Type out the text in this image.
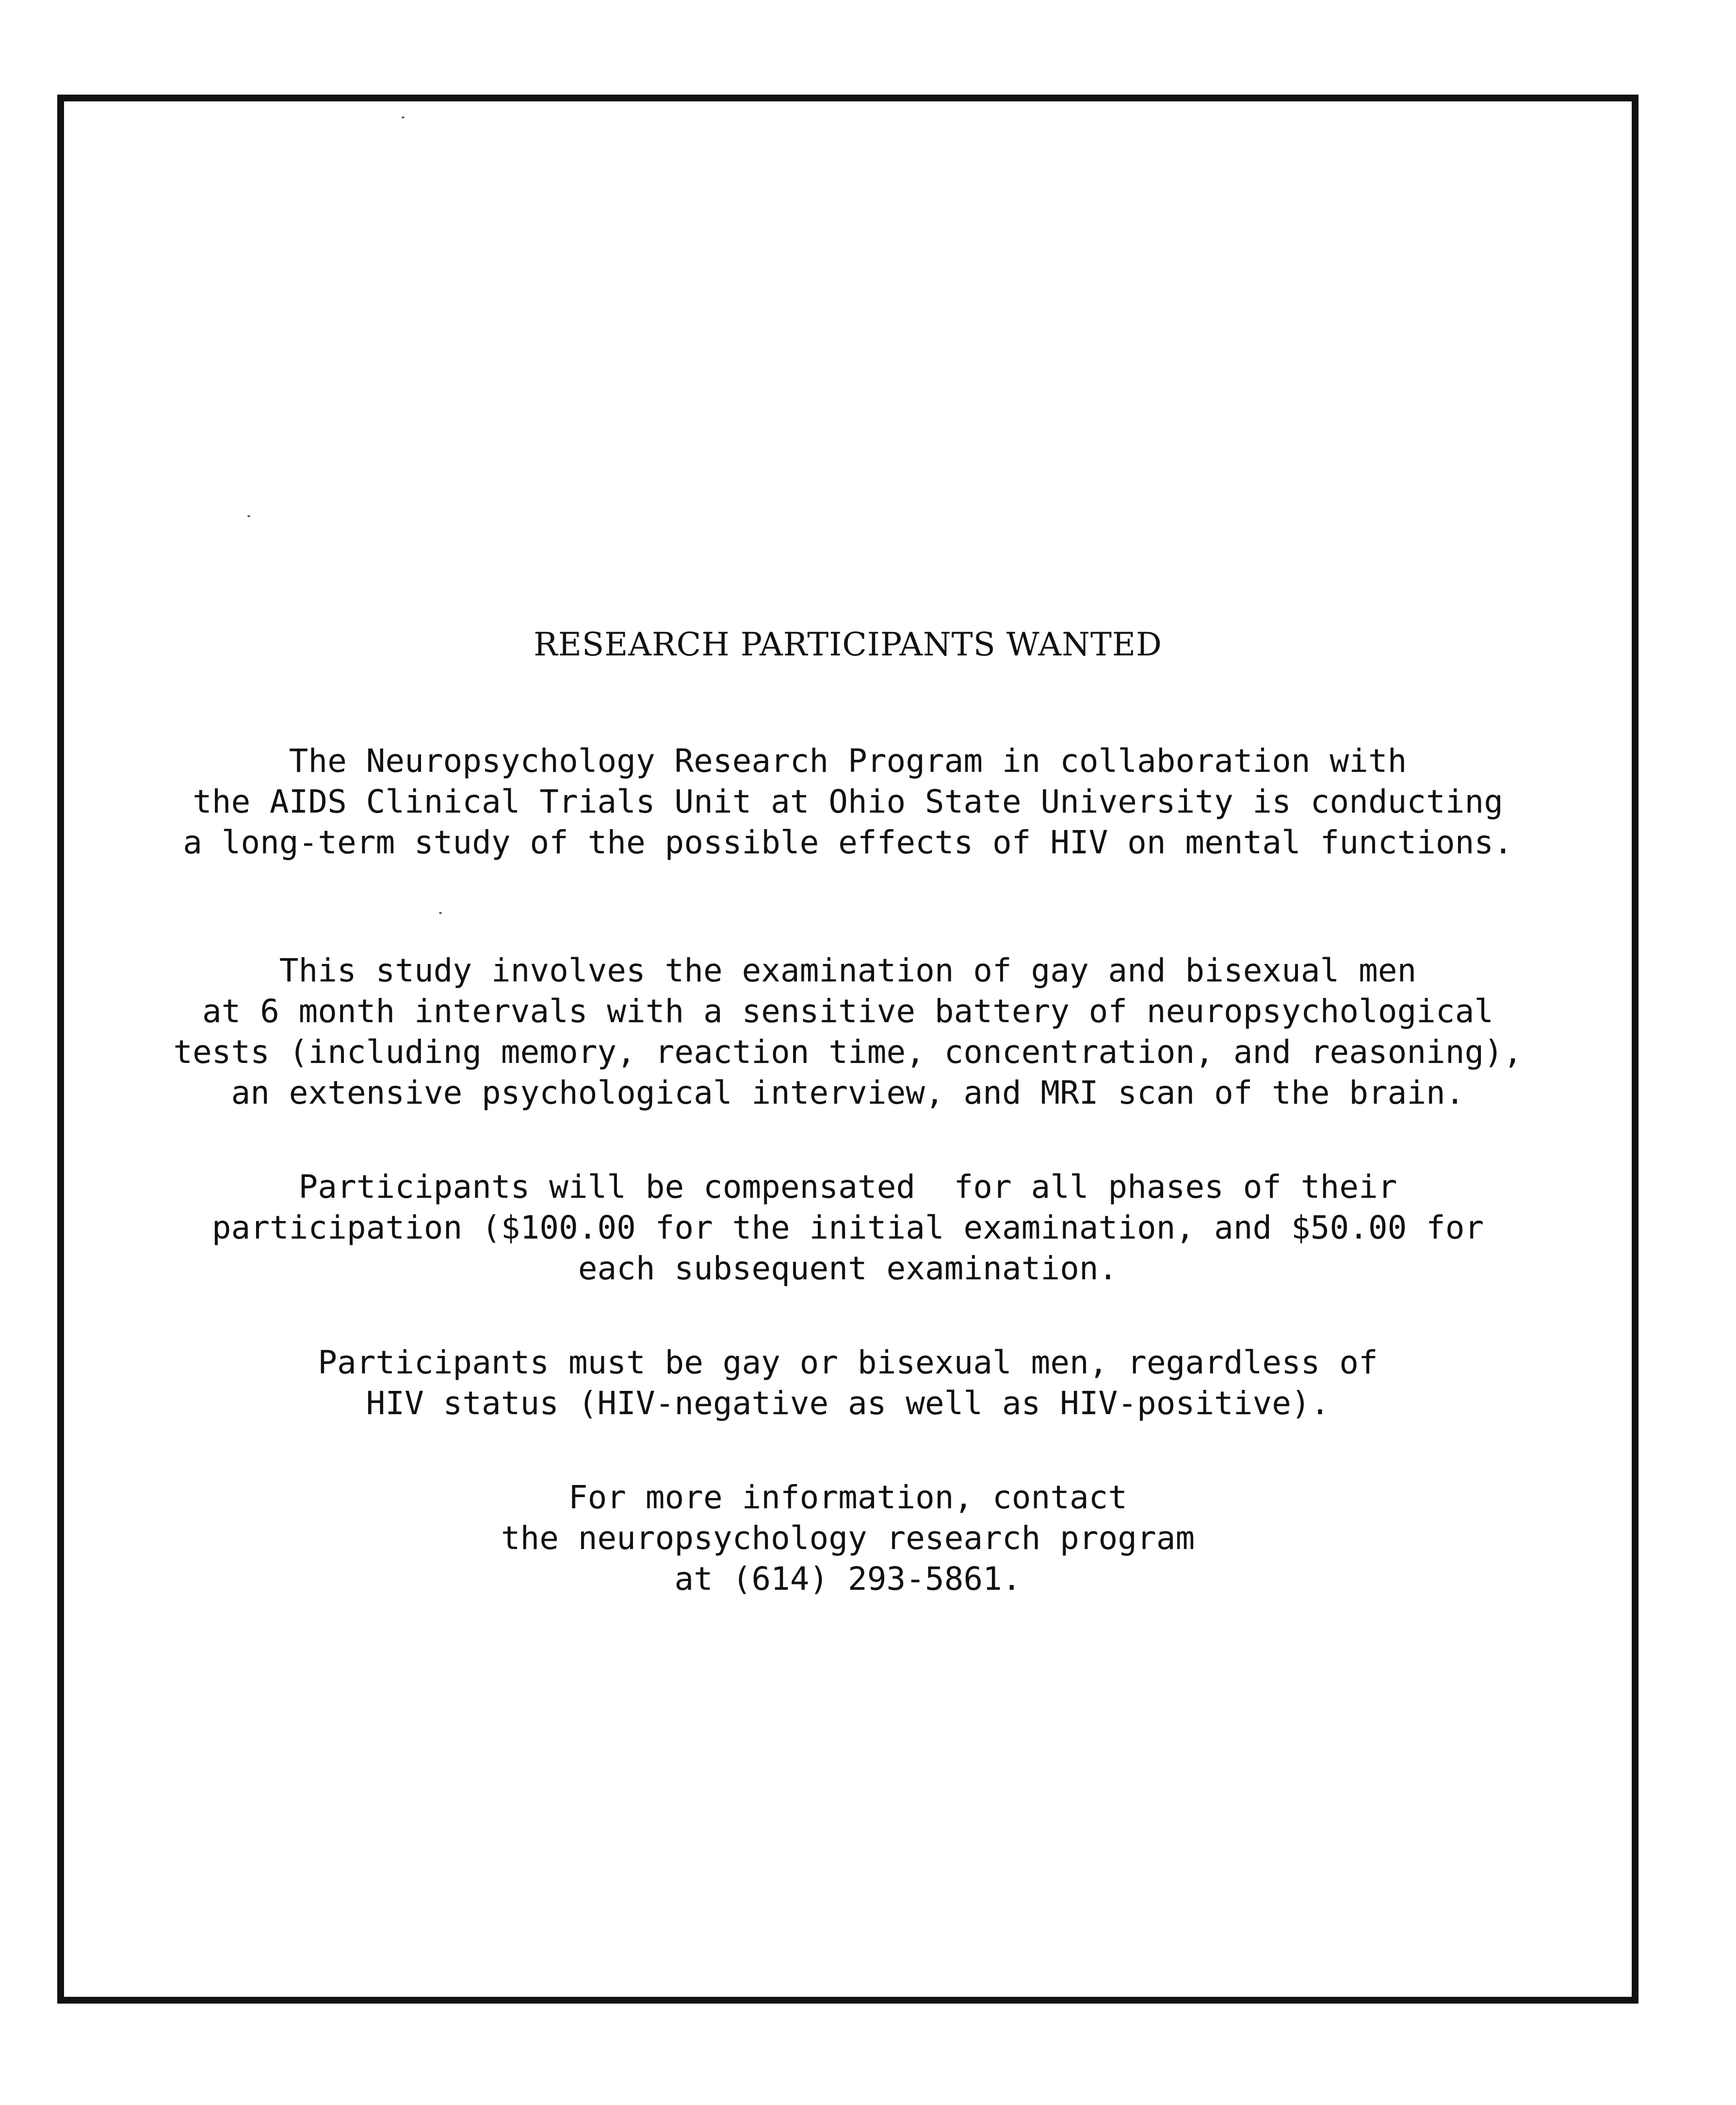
RESEARCH PARTICIPANTS WANTED
The Neuropsychology Research Program in collaboration with
the AIDS Clinical Trials Unit at Ohio State University is conducting
a long-term study of the possible effects of HIV on mental functions.
This study involves the examination of gay and bisexual men
at 6 month intervals with a sensitive battery of neuropsychological
tests (including memory, reaction time, concentration, and reasoning),
an extensive psychological interview, and MRI scan of the brain.
Participants will be compensated  for all phases of their
participation ($100.00 for the initial examination, and $50.00 for
each subsequent examination.
Participants must be gay or bisexual men, regardless of
HIV status (HIV-negative as well as HIV-positive).
For more information, contact
the neuropsychology research program
at (614) 293-5861.
